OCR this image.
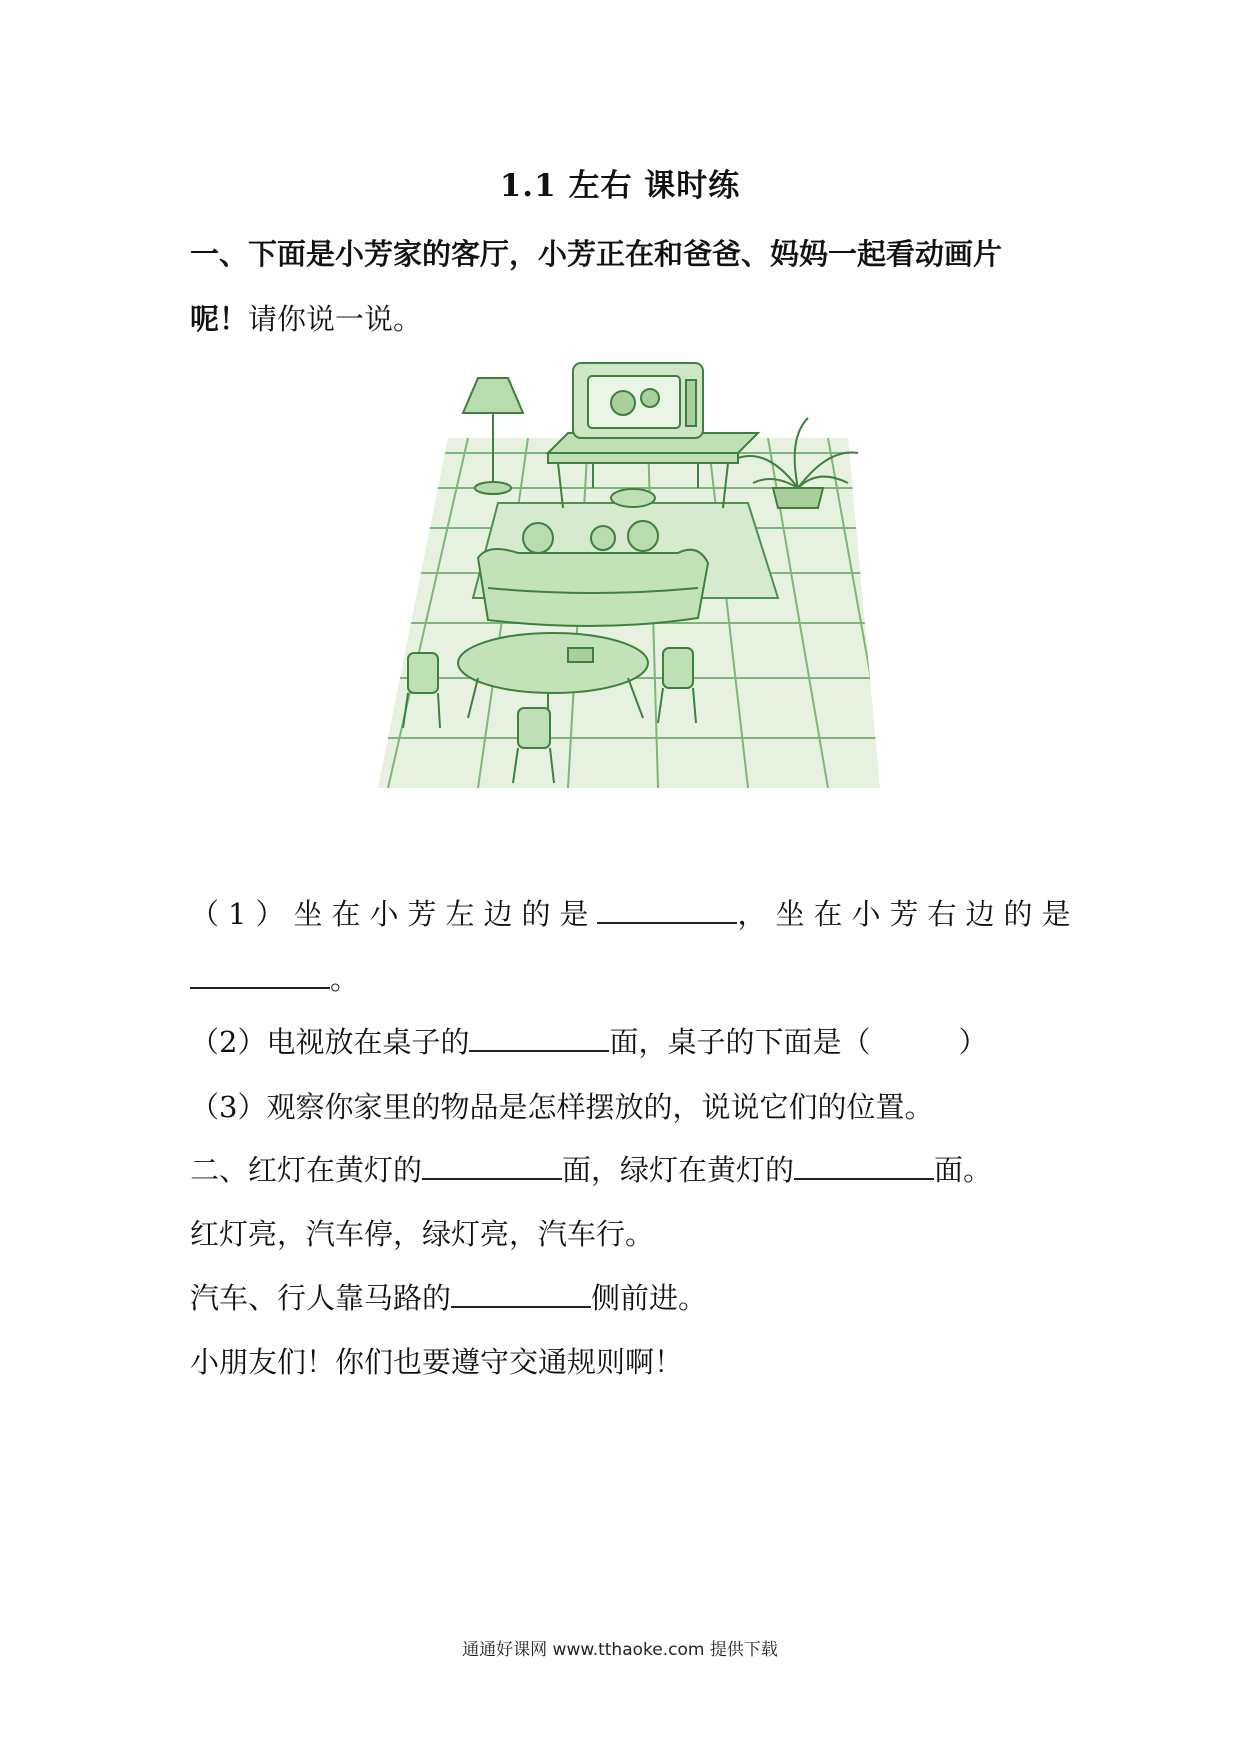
1.1 左右 课时练
一、下面是小芳家的客厅，小芳正在和爸爸、妈妈一起看动画片
呢！请你说一说。
（1）坐在小芳左边的是	，坐在小芳右边的是
。
（2）电视放在桌子的	面，桌子的下面是（	）
（3）观察你家里的物品是怎样摆放的，说说它们的位置。
二、红灯在黄灯的	面，绿灯在黄灯的	面。
红灯亮，汽车停，绿灯亮，汽车行。
汽车、行人靠马路的	侧前进。
小朋友们！你们也要遵守交通规则啊！
通通好课网 www.tthaoke.com 提供下载
